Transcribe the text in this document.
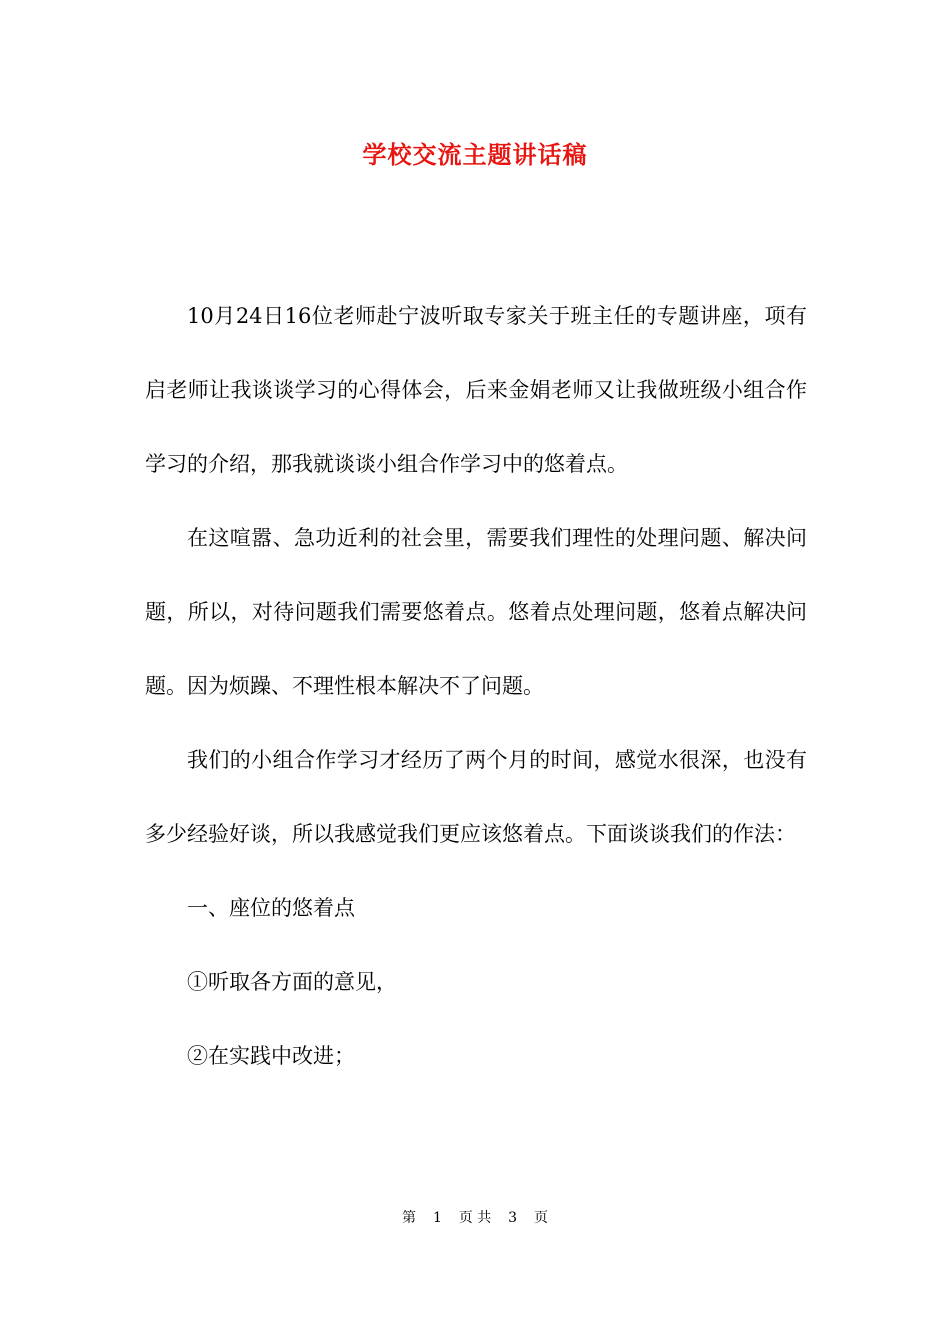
学校交流主题讲话稿

10月24日16位老师赴宁波听取专家关于班主任的专题讲座，项有启老师让我谈谈学习的心得体会，后来金娟老师又让我做班级小组合作学习的介绍，那我就谈谈小组合作学习中的悠着点。

在这喧嚣、急功近利的社会里，需要我们理性的处理问题、解决问题，所以，对待问题我们需要悠着点。悠着点处理问题，悠着点解决问题。因为烦躁、不理性根本解决不了问题。

我们的小组合作学习才经历了两个月的时间，感觉水很深，也没有多少经验好谈，所以我感觉我们更应该悠着点。下面谈谈我们的作法：

一、座位的悠着点

①听取各方面的意见，

②在实践中改进；

第 1 页 共 3 页
